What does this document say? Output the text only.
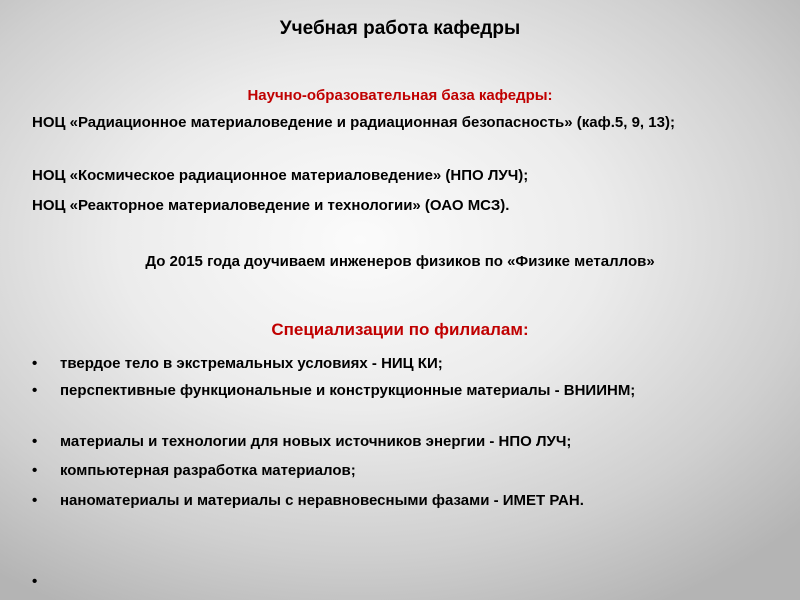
Учебная работа кафедры

Научно-образовательная база кафедры:

НОЦ «Радиационное материаловедение и радиационная безопасность» (каф.5, 9, 13);

НОЦ «Космическое радиационное материаловедение» (НПО ЛУЧ);

НОЦ «Реакторное материаловедение и технологии» (ОАО МСЗ).

До 2015 года доучиваем инженеров физиков по «Физике металлов»

Специализации по филиалам:

•	твердое тело в экстремальных условиях - НИЦ КИ;
•	перспективные функциональные и конструкционные материалы - ВНИИНМ;
•	материалы и технологии для новых источников энергии - НПО ЛУЧ;
•	компьютерная разработка материалов;
•	наноматериалы и материалы с неравновесными фазами - ИМЕТ РАН.
•
